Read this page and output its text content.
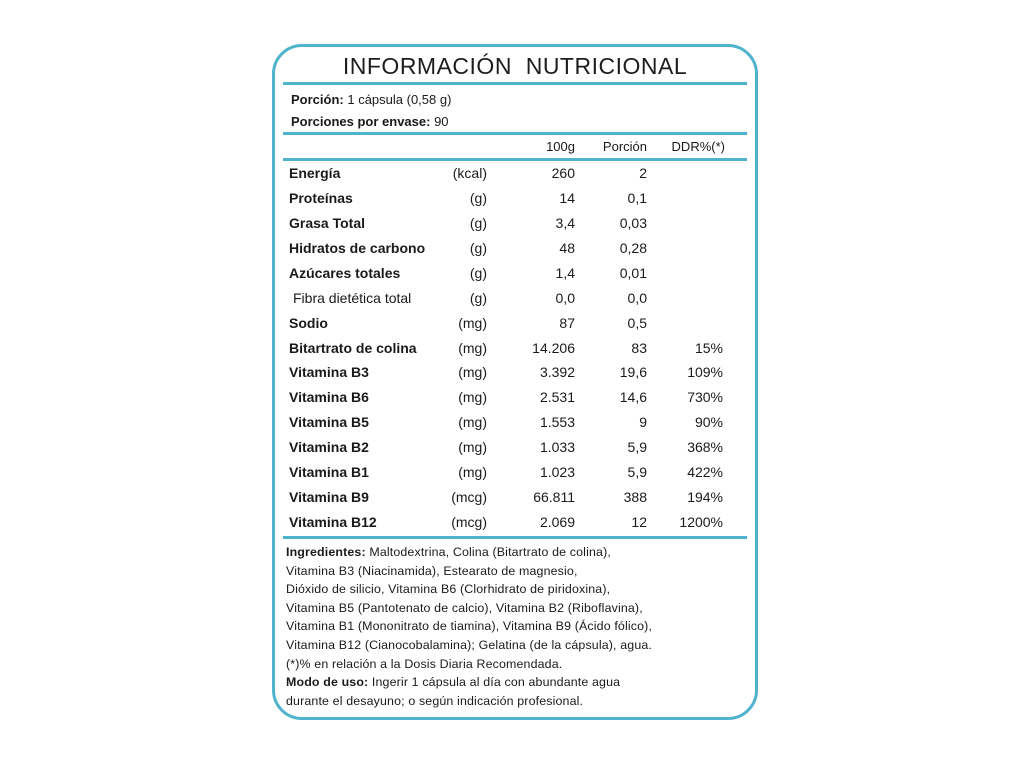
INFORMACIÓN  NUTRICIONAL
Porción: 1 cápsula (0,58 g)
Porciones por envase: 90
100g Porción DDR%(*)
Energía	(kcal)	260	2
Proteínas	(g)	14	0,1
Grasa Total	(g)	3,4	0,03
Hidratos de carbono	(g)	48	0,28
Azúcares totales	(g)	1,4	0,01
Fibra dietética total	(g)	0,0	0,0
Sodio	(mg)	87	0,5
Bitartrato de colina	(mg)	14.206	83	15%
Vitamina B3	(mg)	3.392	19,6	109%
Vitamina B6	(mg)	2.531	14,6	730%
Vitamina B5	(mg)	1.553	9	90%
Vitamina B2	(mg)	1.033	5,9	368%
Vitamina B1	(mg)	1.023	5,9	422%
Vitamina B9	(mcg)	66.811	388	194%
Vitamina B12	(mcg)	2.069	12 1200%
Ingredientes: Maltodextrina, Colina (Bitartrato de colina),
Vitamina B3 (Niacinamida), Estearato de magnesio,
Dióxido de silicio, Vitamina B6 (Clorhidrato de piridoxina),
Vitamina B5 (Pantotenato de calcio), Vitamina B2 (Riboflavina),
Vitamina B1 (Mononitrato de tiamina), Vitamina B9 (Ácido fólico),
Vitamina B12 (Cianocobalamina); Gelatina (de la cápsula), agua.
(*)% en relación a la Dosis Diaria Recomendada.
Modo de uso: Ingerir 1 cápsula al día con abundante agua
durante el desayuno; o según indicación profesional.
